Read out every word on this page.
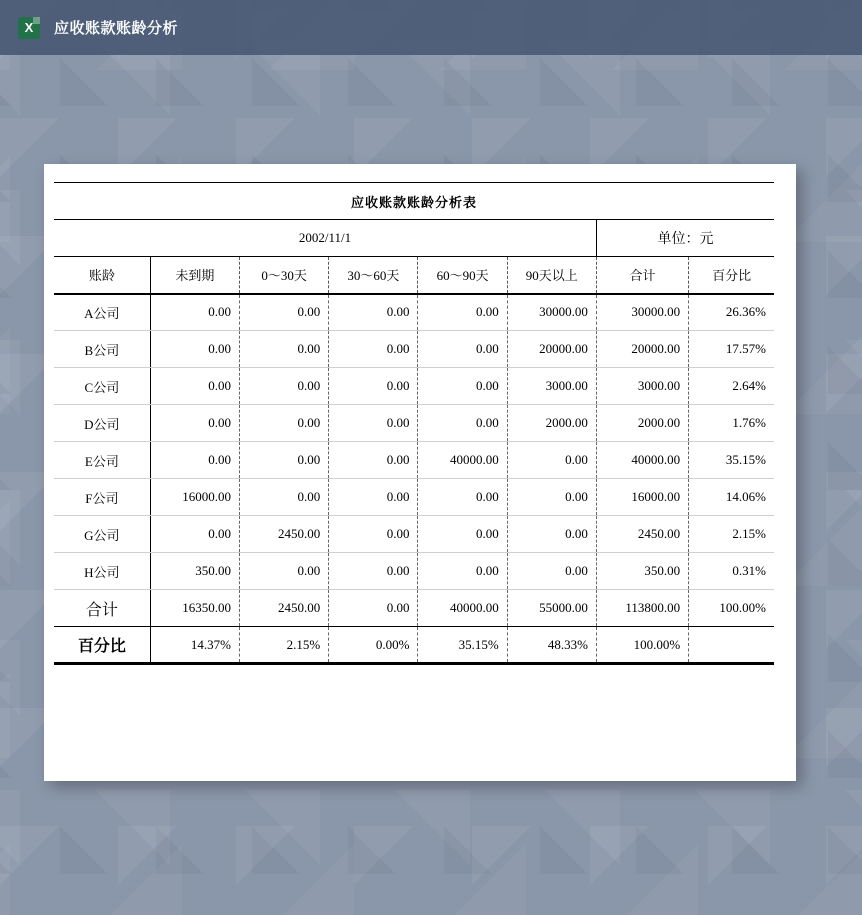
X	应收账款账龄分析
应收账款账龄分析表							
2002/11/1						单位：元	
账龄	未到期	0～30天	30～60天	60～90天	90天以上	合计	百分比
A公司	0.00	0.00	0.00	0.00	30000.00	30000.00	26.36%
B公司	0.00	0.00	0.00	0.00	20000.00	20000.00	17.57%
C公司	0.00	0.00	0.00	0.00	3000.00	3000.00	2.64%
D公司	0.00	0.00	0.00	0.00	2000.00	2000.00	1.76%
E公司	0.00	0.00	0.00	40000.00	0.00	40000.00	35.15%
F公司	16000.00	0.00	0.00	0.00	0.00	16000.00	14.06%
G公司	0.00	2450.00	0.00	0.00	0.00	2450.00	2.15%
H公司	350.00	0.00	0.00	0.00	0.00	350.00	0.31%
合计	16350.00	2450.00	0.00	40000.00	55000.00	113800.00	100.00%
百分比	14.37%	2.15%	0.00%	35.15%	48.33%	100.00%	
